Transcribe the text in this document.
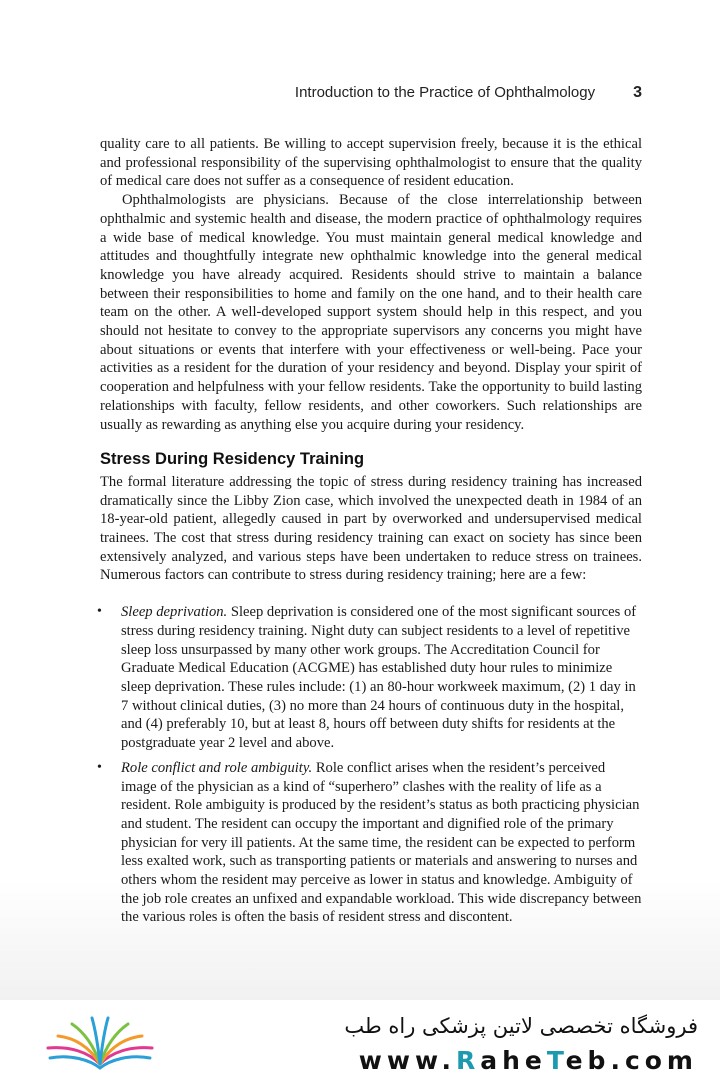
Introduction to the Practice of Ophthalmology 3

quality care to all patients. Be willing to accept supervision freely, because it is the ethical and professional responsibility of the supervising ophthalmologist to ensure that the quality of medical care does not suffer as a consequence of resident education.

Ophthalmologists are physicians. Because of the close interrelationship between ophthalmic and systemic health and disease, the modern practice of ophthalmology requires a wide base of medical knowledge. You must maintain general medical knowledge and attitudes and thoughtfully integrate new ophthalmic knowledge into the general medical knowledge you have already acquired. Residents should strive to maintain a balance between their responsibilities to home and family on the one hand, and to their health care team on the other. A well-developed support system should help in this respect, and you should not hesitate to convey to the appropriate supervisors any concerns you might have about situations or events that interfere with your effectiveness or well-being. Pace your activities as a resident for the duration of your residency and beyond. Display your spirit of cooperation and helpfulness with your fellow residents. Take the opportunity to build lasting relationships with faculty, fellow residents, and other coworkers. Such relationships are usually as rewarding as anything else you acquire during your residency.

Stress During Residency Training

The formal literature addressing the topic of stress during residency training has increased dramatically since the Libby Zion case, which involved the unexpected death in 1984 of an 18-year-old patient, allegedly caused in part by overworked and undersupervised medical trainees. The cost that stress during residency training can exact on society has since been extensively analyzed, and various steps have been undertaken to reduce stress on trainees. Numerous factors can contribute to stress during residency training; here are a few:

• Sleep deprivation. Sleep deprivation is considered one of the most significant sources of stress during residency training. Night duty can subject residents to a level of repetitive sleep loss unsurpassed by many other work groups. The Accreditation Council for Graduate Medical Education (ACGME) has established duty hour rules to minimize sleep deprivation. These rules include: (1) an 80-hour workweek maximum, (2) 1 day in 7 without clinical duties, (3) no more than 24 hours of continuous duty in the hospital, and (4) preferably 10, but at least 8, hours off between duty shifts for residents at the postgraduate year 2 level and above.
• Role conflict and role ambiguity. Role conflict arises when the resident’s perceived image of the physician as a kind of “superhero” clashes with the reality of life as a resident. Role ambiguity is produced by the resident’s status as both practicing physician and student. The resident can occupy the important and dignified role of the primary physician for very ill patients. At the same time, the resident can be expected to perform less exalted work, such as transporting patients or materials and answering to nurses and others whom the resident may perceive as lower in status and knowledge. Ambiguity of the job role creates an unfixed and expandable workload. This wide discrepancy between the various roles is often the basis of resident stress and discontent.
فروشگاه تخصصی لاتین پزشکی راه طب
www.RaheTeb.com
